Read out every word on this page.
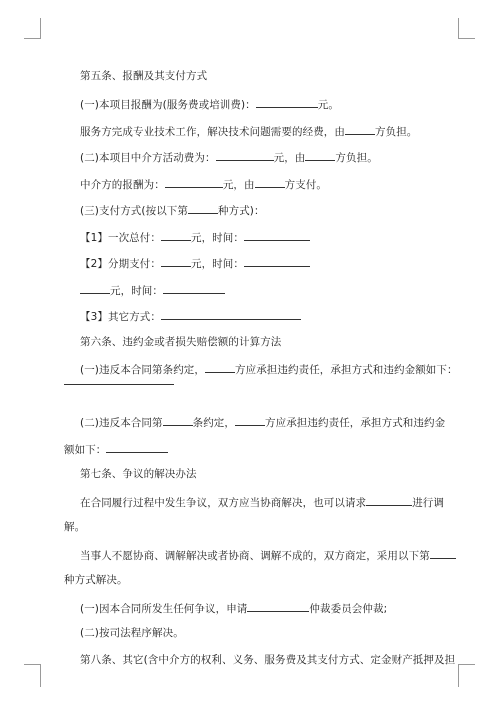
第五条、报酬及其支付方式
(一)本项目报酬为(服务费或培训费)：	元。
服务方完成专业技术工作，解决技术问题需要的经费，由	方负担。
(二)本项目中介方活动费为：	元，由	方负担。
中介方的报酬为：	元，由	方支付。
(三)支付方式(按以下第	种方式)：
【1】一次总付：	元，时间：
【2】分期支付：	元，时间：
元，时间：
【3】其它方式：
第六条、违约金或者损失赔偿额的计算方法
(一)违反本合同第条约定，	方应承担违约责任，承担方式和违约金额如下：
(二)违反本合同第	条约定，	方应承担违约责任，承担方式和违约金
额如下：
第七条、争议的解决办法
在合同履行过程中发生争议，双方应当协商解决，也可以请求	进行调
解。
当事人不愿协商、调解解决或者协商、调解不成的，双方商定，采用以下第
种方式解决。
(一)因本合同所发生任何争议，申请	仲裁委员会仲裁;
(二)按司法程序解决。
第八条、其它(含中介方的权利、义务、服务费及其支付方式、定金财产抵押及担
